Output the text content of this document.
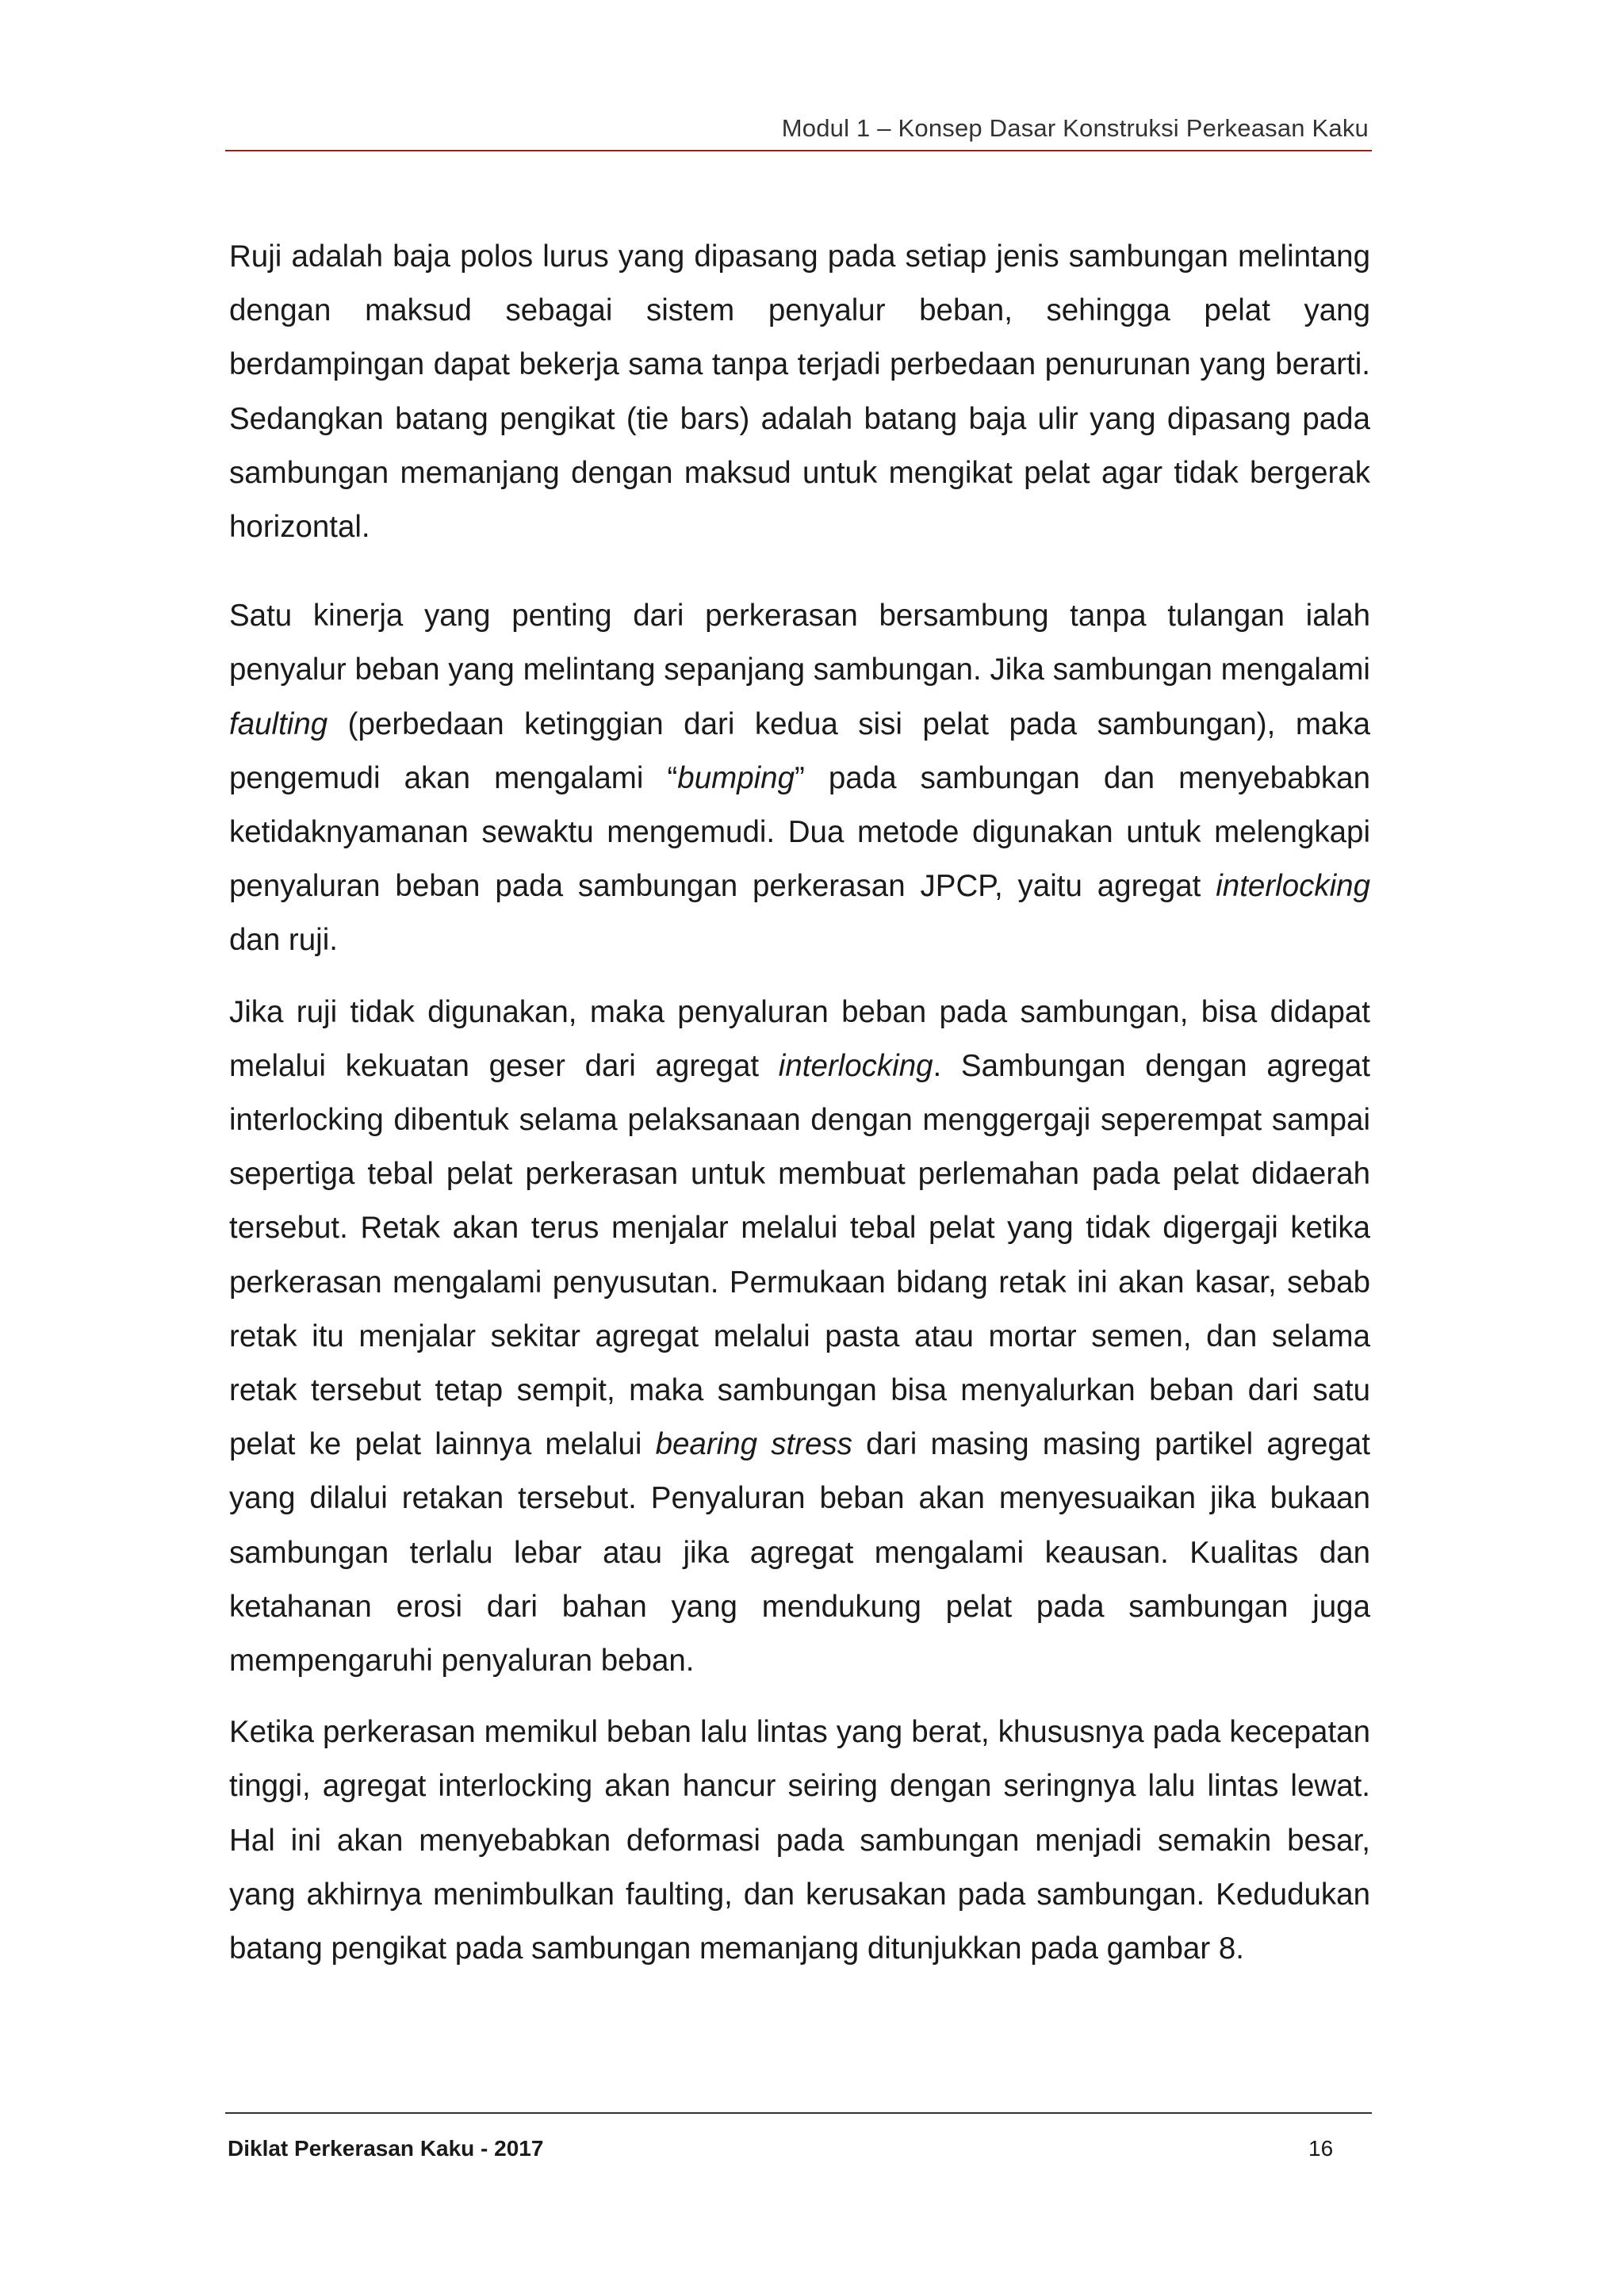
Modul 1 – Konsep Dasar Konstruksi Perkeasan Kaku

Ruji adalah baja polos lurus yang dipasang pada setiap jenis sambungan melintang dengan maksud sebagai sistem penyalur beban, sehingga pelat yang berdampingan dapat bekerja sama tanpa terjadi perbedaan penurunan yang berarti. Sedangkan batang pengikat (tie bars) adalah batang baja ulir yang dipasang pada sambungan memanjang dengan maksud untuk mengikat pelat agar tidak bergerak horizontal.

Satu kinerja yang penting dari perkerasan bersambung tanpa tulangan ialah penyalur beban yang melintang sepanjang sambungan. Jika sambungan mengalami faulting (perbedaan ketinggian dari kedua sisi pelat pada sambungan), maka pengemudi akan mengalami “bumping” pada sambungan dan menyebabkan ketidaknyamanan sewaktu mengemudi. Dua metode digunakan untuk melengkapi penyaluran beban pada sambungan perkerasan JPCP, yaitu agregat interlocking dan ruji.

Jika ruji tidak digunakan, maka penyaluran beban pada sambungan, bisa didapat melalui kekuatan geser dari agregat interlocking. Sambungan dengan agregat interlocking dibentuk selama pelaksanaan dengan menggergaji seperempat sampai sepertiga tebal pelat perkerasan untuk membuat perlemahan pada pelat didaerah tersebut. Retak akan terus menjalar melalui tebal pelat yang tidak digergaji ketika perkerasan mengalami penyusutan. Permukaan bidang retak ini akan kasar, sebab retak itu menjalar sekitar agregat melalui pasta atau mortar semen, dan selama retak tersebut tetap sempit, maka sambungan bisa menyalurkan beban dari satu pelat ke pelat lainnya melalui bearing stress dari masing masing partikel agregat yang dilalui retakan tersebut. Penyaluran beban akan menyesuaikan jika bukaan sambungan terlalu lebar atau jika agregat mengalami keausan. Kualitas dan ketahanan erosi dari bahan yang mendukung pelat pada sambungan juga mempengaruhi penyaluran beban.

Ketika perkerasan memikul beban lalu lintas yang berat, khususnya pada kecepatan tinggi, agregat interlocking akan hancur seiring dengan seringnya lalu lintas lewat. Hal ini akan menyebabkan deformasi pada sambungan menjadi semakin besar, yang akhirnya menimbulkan faulting, dan kerusakan pada sambungan. Kedudukan batang pengikat pada sambungan memanjang ditunjukkan pada gambar 8.

Diklat Perkerasan Kaku - 2017	16
